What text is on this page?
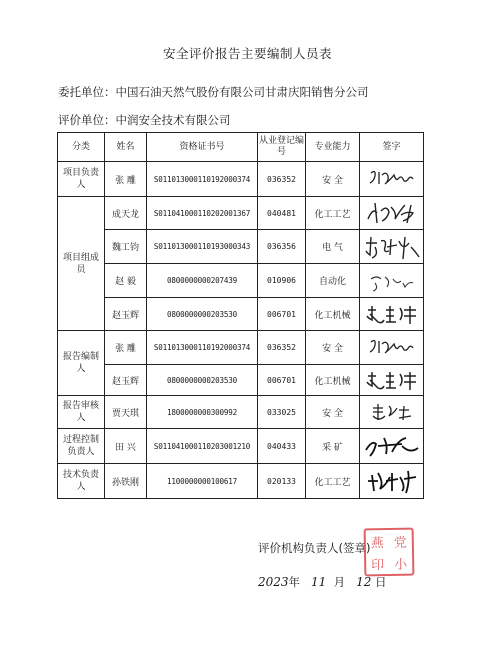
安全评价报告主要编制人员表
委托单位：中国石油天然气股份有限公司甘肃庆阳销售分公司
评价单位：中润安全技术有限公司
分类	姓名	资格证书号	从业登记编号	专业能力	签字
项目负责人	张 雕	S011013000110192000374	036352	安 全	

项目组成员	成天龙	S011041000110202001367	040481	化工工艺	

	魏工钧	S011013000110193000343	036356	电 气	

	赵 毅	0800000000207439	010906	自动化	

	赵玉辉	0800000000203530	006701	化工机械	

报告编制人	张 雕	S011013000110192000374	036352	安 全	

	赵玉辉	0800000000203530	006701	化工机械	

报告审核人	贾天琪	1800000000300992	033025	安 全	

过程控制负责人	田 兴	S011041000110203001210	040433	采 矿	

技术负责人	孙铁刚	1100000000100617	020133	化工工艺	
评价机构负责人(签章) 燕 党
印 小
2023年 11 月 12 日
